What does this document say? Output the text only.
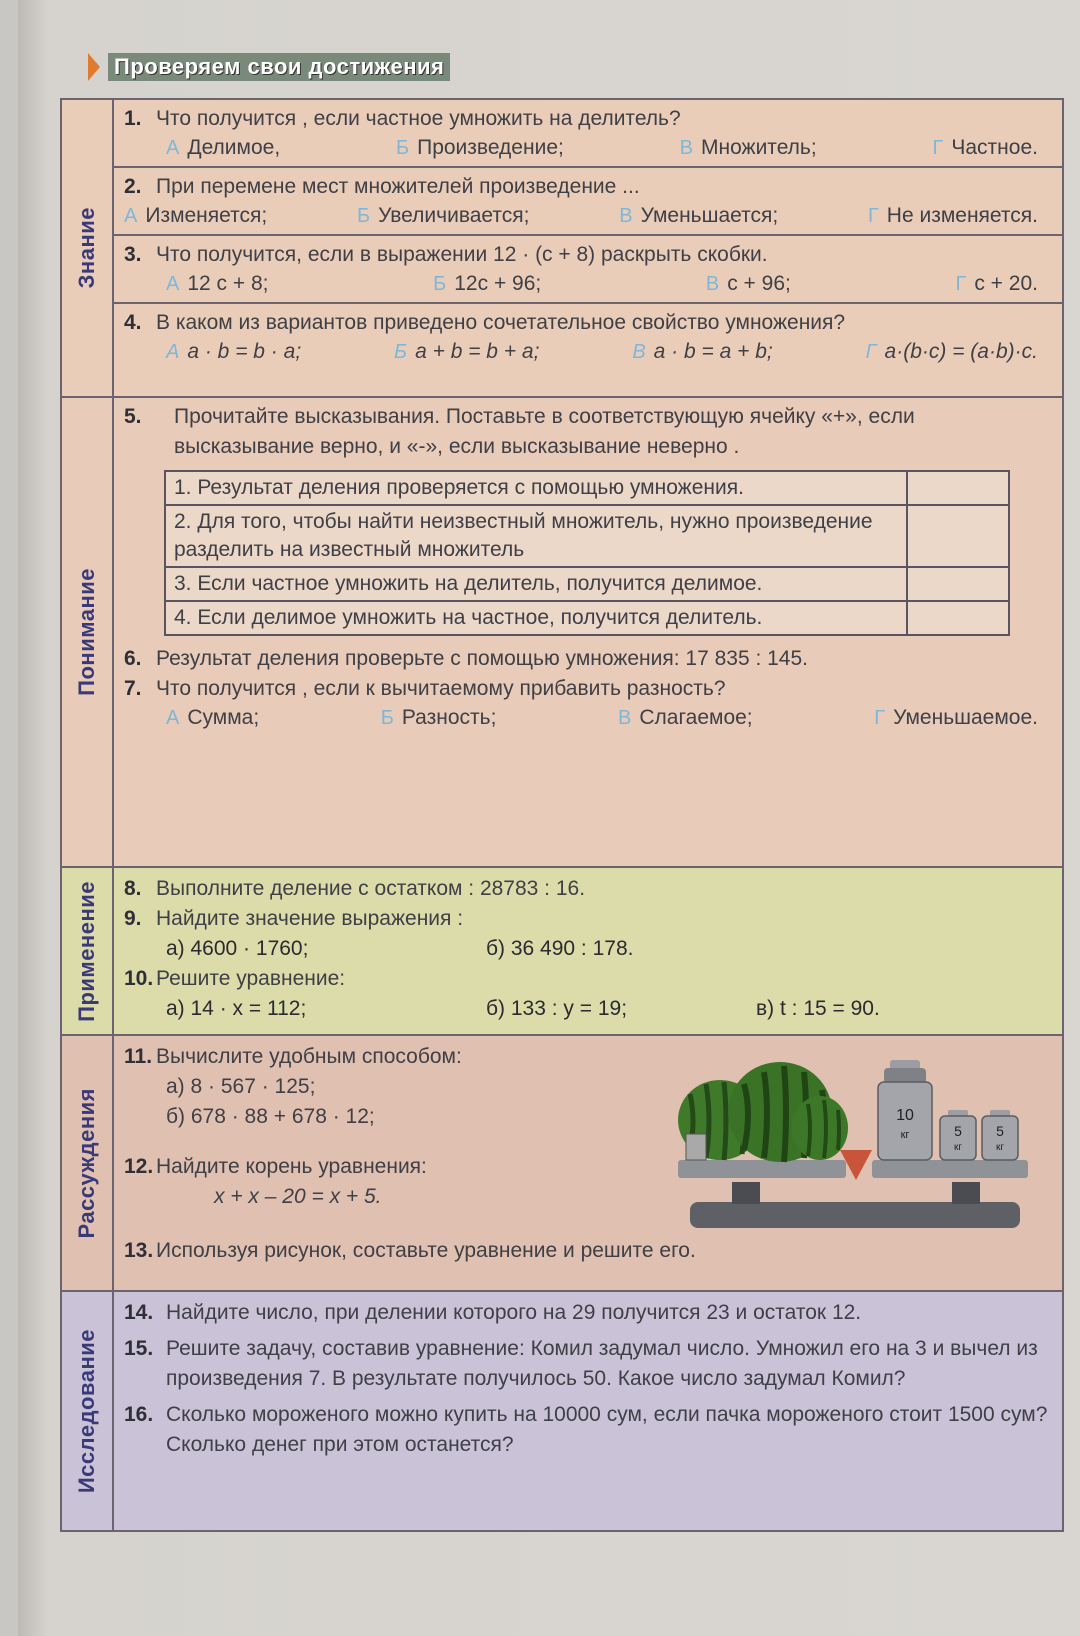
Проверяем свои достижения
Знание
1. Что получится , если частное умножить на делитель?
А Делимое,	Б Произведение;	В Множитель;	Г Частное.
2. При перемене мест множителей произведение ...
А Изменяется;	Б Увеличивается;	В Уменьшается;	Г Не изменяется.
3. Что получится, если в выражении 12 · (c + 8) раскрыть скобки.
А 12 c + 8;	Б 12c + 96;	В c + 96;	Г c + 20.
4. В каком из вариантов приведено сочетательное свойство умножения?
А a · b = b · a;	Б a + b = b + a;	В a · b = a + b;	Г a·(b·c) = (a·b)·c.
Понимание
5.	Прочитайте высказывания. Поставьте в соответствующую ячейку «+», если высказывание верно, и «-», если высказывание неверно .
1. Результат деления проверяется с помощью умножения.	
2. Для того, чтобы найти неизвестный множитель, нужно произведение разделить на известный множитель	
3. Если частное умножить на делитель, получится делимое.	
4. Если делимое умножить на частное, получится делитель.	
6. Результат деления проверьте с помощью умножения: 17 835 : 145.
7. Что получится , если к вычитаемому прибавить разность?
А Сумма;	Б Разность;	В Слагаемое;	Г Уменьшаемое.
Применение	8. Выполните деление с остатком : 28783 : 16.
9. Найдите значение выражения :
а) 4600 · 1760;	б) 36 490 : 178.
10. Решите уравнение:
а) 14 · x = 112;	б) 133 : y = 19;	в) t : 15 = 90.
Рассуждения
11. Вычислите удобным способом:
а) 8 · 567 · 125;
б) 678 · 88 + 678 · 12;
12. Найдите корень уравнения:
x + x – 20 = x + 5.
13. Используя рисунок, составьте уравнение и решите его.
10
кг	5
кг
5
кг
Исследование
14. Найдите число, при делении которого на 29 получится 23 и остаток 12.
15. Решите задачу, составив уравнение: Комил задумал число. Умножил его на 3 и вычел из произведения 7. В результате получилось 50. Какое число задумал Комил?
16. Сколько мороженого можно купить на 10000 сум, если пачка мороженого стоит 1500 сум? Сколько денег при этом останется?
